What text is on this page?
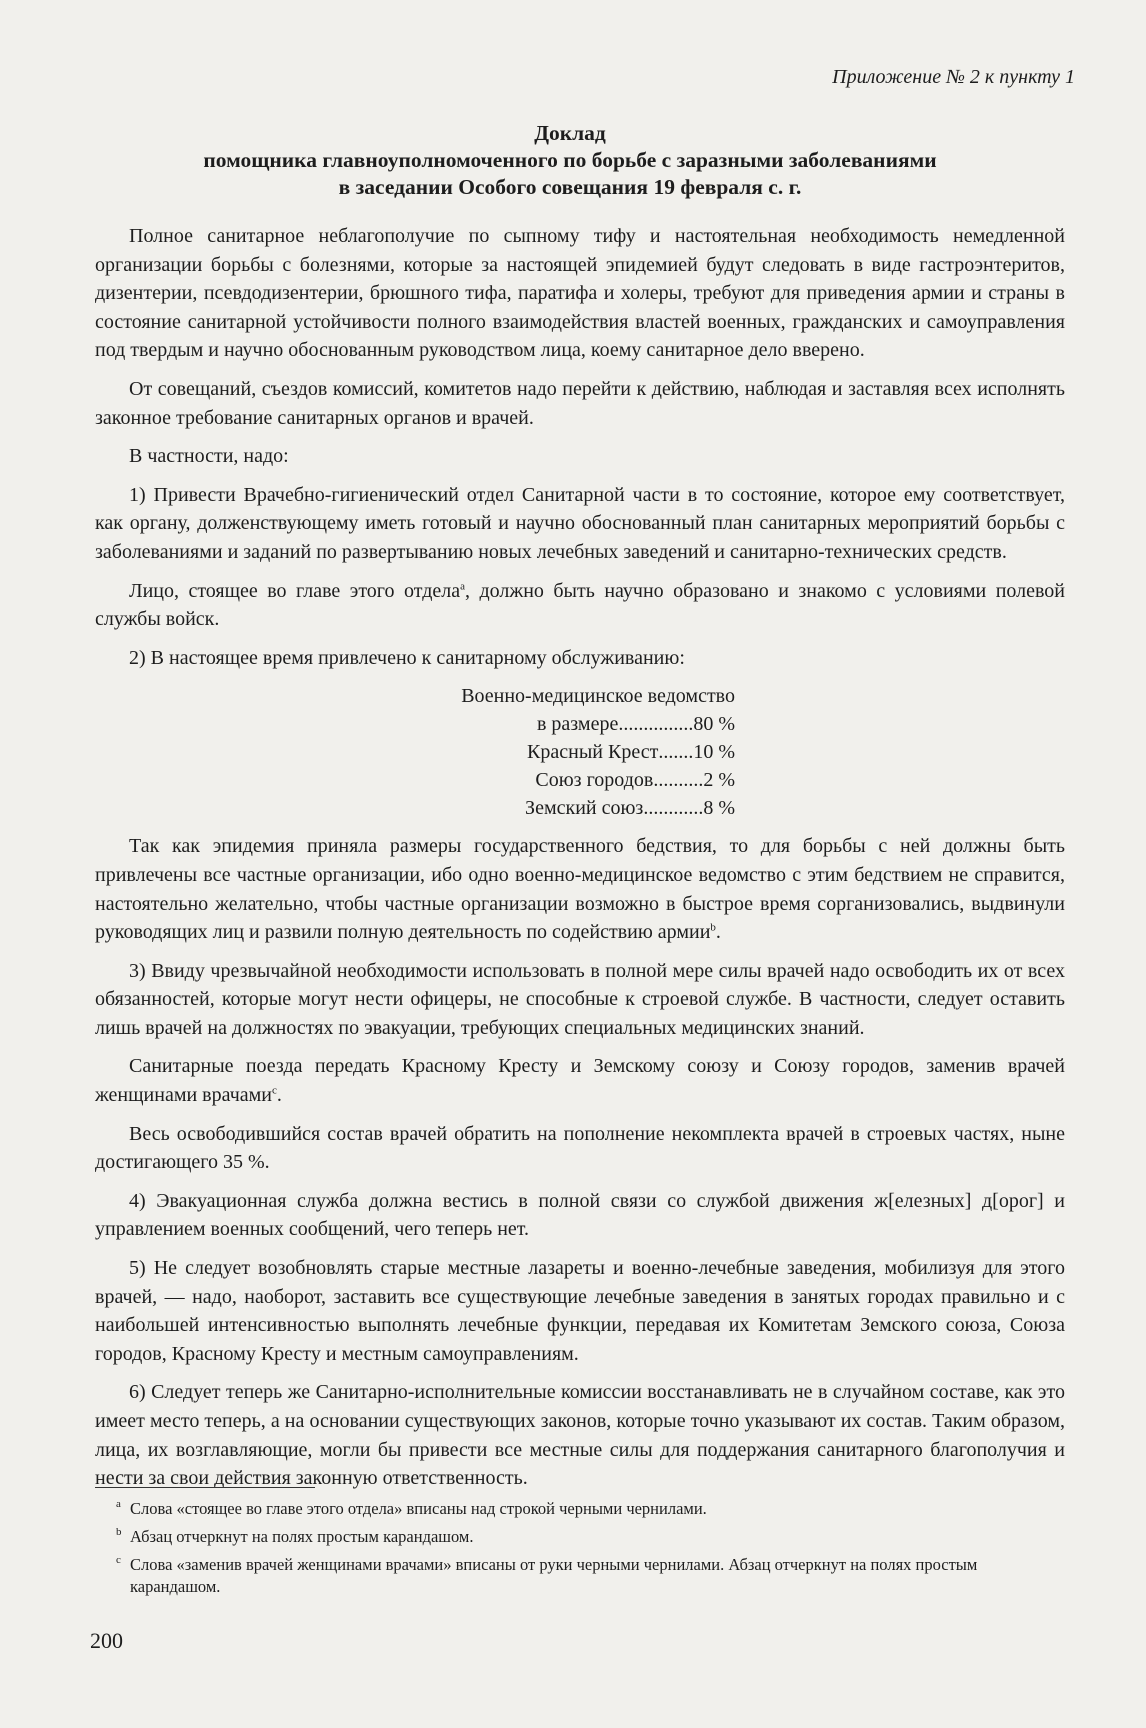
Приложение № 2 к пункту 1
Доклад
помощника главноуполномоченного по борьбе с заразными заболеваниями
в заседании Особого совещания 19 февраля с. г.

Полное санитарное неблагополучие по сыпному тифу и настоятельная необходимость немедленной организации борьбы с болезнями, которые за настоящей эпидемией будут следовать в виде гастроэнтеритов, дизентерии, псевдодизентерии, брюшного тифа, паратифа и холеры, требуют для приведения армии и страны в состояние санитарной устойчивости полного взаимодействия властей военных, гражданских и самоуправления под твердым и научно обоснованным руководством лица, коему санитарное дело вверено.

От совещаний, съездов комиссий, комитетов надо перейти к действию, наблюдая и заставляя всех исполнять законное требование санитарных органов и врачей.

В частности, надо:

1) Привести Врачебно-гигиенический отдел Санитарной части в то состояние, которое ему соответствует, как органу, долженствующему иметь готовый и научно обоснованный план санитарных мероприятий борьбы с заболеваниями и заданий по развертыванию новых лечебных заведений и санитарно-технических средств.

Лицо, стоящее во главе этого отдела$^a$, должно быть научно образовано и знакомо с условиями полевой службы войск.

2) В настоящее время привлечено к санитарному обслуживанию:

Военно-медицинское ведомство
в размере ............... 80 %
Красный Крест ....... 10 %
Союз городов .......... 2 %
Земский союз ............ 8 %

Так как эпидемия приняла размеры государственного бедствия, то для борьбы с ней должны быть привлечены все частные организации, ибо одно военно-медицинское ведомство с этим бедствием не справится, настоятельно желательно, чтобы частные организации возможно в быстрое время сорганизовались, выдвинули руководящих лиц и развили полную деятельность по содействию армии$^b$.

3) Ввиду чрезвычайной необходимости использовать в полной мере силы врачей надо освободить их от всех обязанностей, которые могут нести офицеры, не способные к строевой службе. В частности, следует оставить лишь врачей на должностях по эвакуации, требующих специальных медицинских знаний.

Санитарные поезда передать Красному Кресту и Земскому союзу и Союзу городов, заменив врачей женщинами врачами$^c$.

Весь освободившийся состав врачей обратить на пополнение некомплекта врачей в строевых частях, ныне достигающего 35 %.

4) Эвакуационная служба должна вестись в полной связи со службой движения ж[елезных] д[орог] и управлением военных сообщений, чего теперь нет.

5) Не следует возобновлять старые местные лазареты и военно-лечебные заведения, мобилизуя для этого врачей, — надо, наоборот, заставить все существующие лечебные заведения в занятых городах правильно и с наибольшей интенсивностью выполнять лечебные функции, передавая их Комитетам Земского союза, Союза городов, Красному Кресту и местным самоуправлениям.

6) Следует теперь же Санитарно-исполнительные комиссии восстанавливать не в случайном составе, как это имеет место теперь, а на основании существующих законов, которые точно указывают их состав. Таким образом, лица, их возглавляющие, могли бы привести все местные силы для поддержания санитарного благополучия и нести за свои действия законную ответственность.

a Слова «стоящее во главе этого отдела» вписаны над строкой черными чернилами.
b Абзац отчеркнут на полях простым карандашом.
c Слова «заменив врачей женщинами врачами» вписаны от руки черными чернилами. Абзац отчеркнут на полях простым карандашом.
200
